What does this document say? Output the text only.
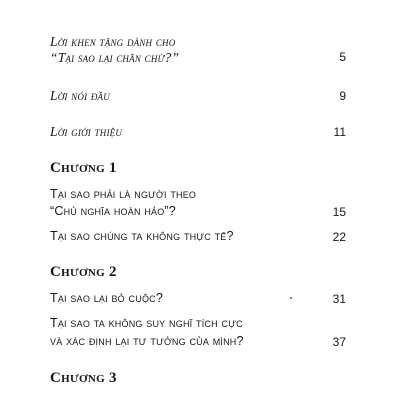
Lời khen tặng dành cho
“Tại sao lại chần chừ?”	5
Lời nói đầu	9
Lời giới thiệu	11
Chương 1
Tại sao phải là người theo
“Chủ nghĩa hoàn hảo”?	15
Tại sao chúng ta không thực tế?	22
Chương 2
Tại sao lại bỏ cuộc?	31
Tại sao ta không suy nghĩ tích cực
và xác định lại tư tưởng của mình?	37
Chương 3
